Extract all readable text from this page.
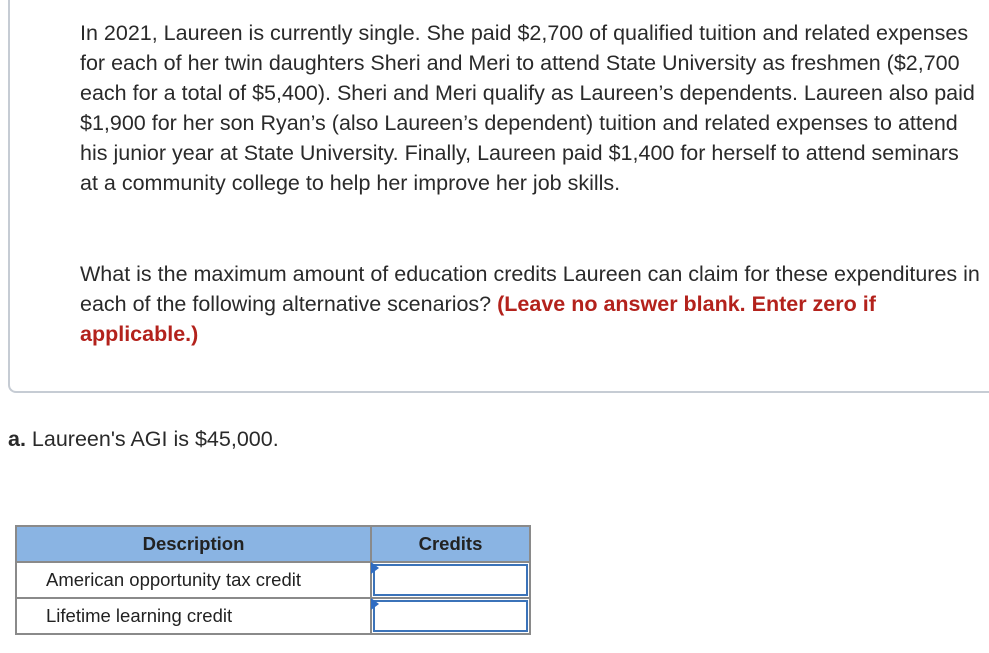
In 2021, Laureen is currently single. She paid $2,700 of qualified tuition and related expenses for each of her twin daughters Sheri and Meri to attend State University as freshmen ($2,700 each for a total of $5,400). Sheri and Meri qualify as Laureen’s dependents. Laureen also paid $1,900 for her son Ryan’s (also Laureen’s dependent) tuition and related expenses to attend his junior year at State University. Finally, Laureen paid $1,400 for herself to attend seminars at a community college to help her improve her job skills.

What is the maximum amount of education credits Laureen can claim for these expenditures in each of the following alternative scenarios? (Leave no answer blank. Enter zero if applicable.)

a. Laureen's AGI is $45,000.

Description	Credits
American opportunity tax credit	

Lifetime learning credit	
